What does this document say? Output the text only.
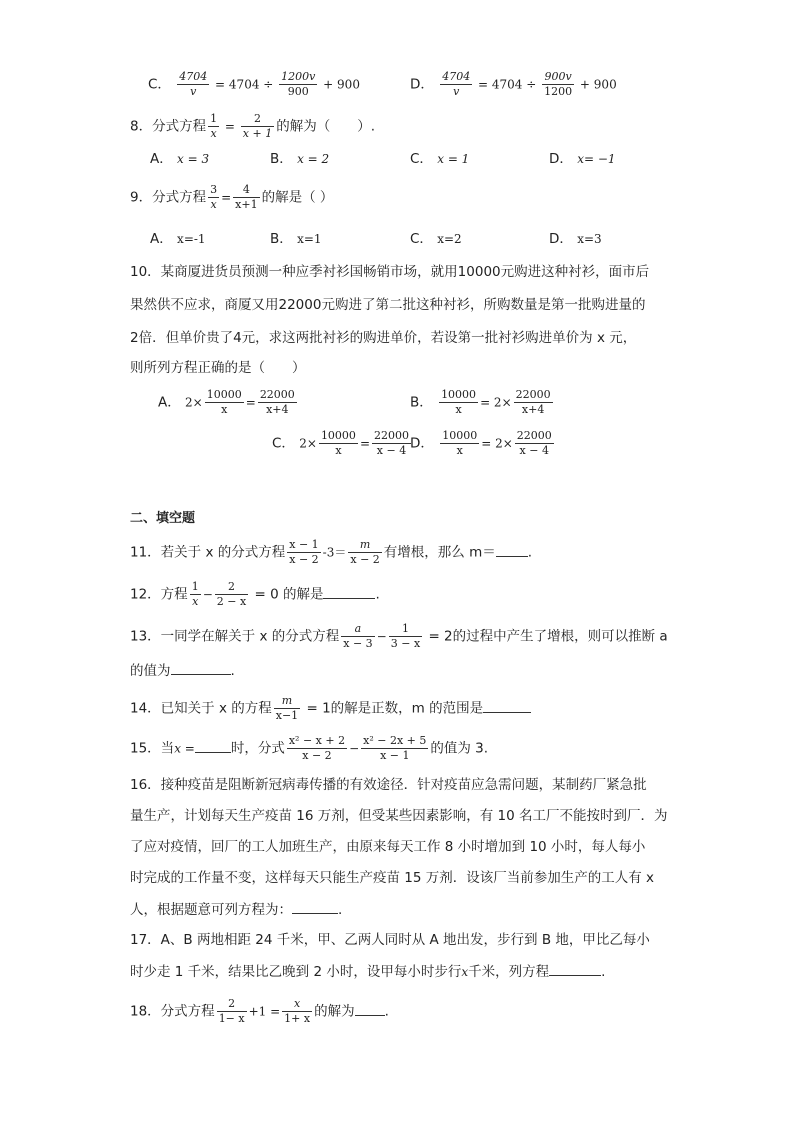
C． $\frac{4704}{v} = 4704 \div \frac{1200v}{900} + 900$	D． $\frac{4704}{v} = 4704 \div \frac{900v}{1200} + 900$
8．分式方程 $\frac{1}{x} = \frac{2}{x + 1}$ 的解为（　　）.
A． x = 3	B． x = 2	C． x = 1	D． x= −1
9．分式方程 $\frac{3}{x} = \frac{4}{x+1}$ 的解是（ ）
A． x=-1	B． x=1	C． x=2	D． x=3
10．某商厦进货员预测一种应季衬衫国畅销市场，就用10000元购进这种衬衫，面市后
果然供不应求，商厦又用22000元购进了第二批这种衬衫，所购数量是第一批购进量的
2倍．但单价贵了4元，求这两批衬衫的购进单价，若设第一批衬衫购进单价为 x 元，
则所列方程正确的是（　　）
A． $2\times \frac{10000}{x} = \frac{22000}{x+4}$	B． $\frac{10000}{x} = 2\times \frac{22000}{x+4}$
C． $2\times \frac{10000}{x} = \frac{22000}{x - 4}$ D． $\frac{10000}{x} = 2\times \frac{22000}{x - 4}$
二、填空题
11．若关于 x 的分式方程 $\frac{x - 1}{x - 2} -3= \frac{m}{x - 2}$ 有增根，那么 m＝ .
12．方程 $\frac{1}{x} - \frac{2}{2 - x} = 0$ 的解是	.
13．一同学在解关于 x 的分式方程 $\frac{a}{x - 3} - \frac{1}{3 - x} = 2$的过程中产生了增根，则可以推断 a
的值为	.
14．已知关于 x 的方程 $\frac{m}{x-1} = 1$的解是正数，m 的范围是
15．当x =	时，分式 $\frac{\text{x² − x + 2}}{x - 2} - \frac{\text{x² − 2x + 5}}{x - 1}$ 的值为 3.
16．接种疫苗是阻断新冠病毒传播的有效途径．针对疫苗应急需问题，某制药厂紧急批
量生产，计划每天生产疫苗 16 万剂，但受某些因素影响，有 10 名工厂不能按时到厂．为
了应对疫情，回厂的工人加班生产，由原来每天工作 8 小时增加到 10 小时，每人每小
时完成的工作量不变，这样每天只能生产疫苗 15 万剂．设该厂当前参加生产的工人有 x
人，根据题意可列方程为：	.
17．A、B 两地相距 24 千米，甲、乙两人同时从 A 地出发，步行到 B 地，甲比乙每小
时少走 1 千米，结果比乙晚到 2 小时，设甲每小时步行x千米，列方程	.
18．分式方程 $\frac{2}{1- x} +1 = \frac{x}{1+ x}$ 的解为 .
